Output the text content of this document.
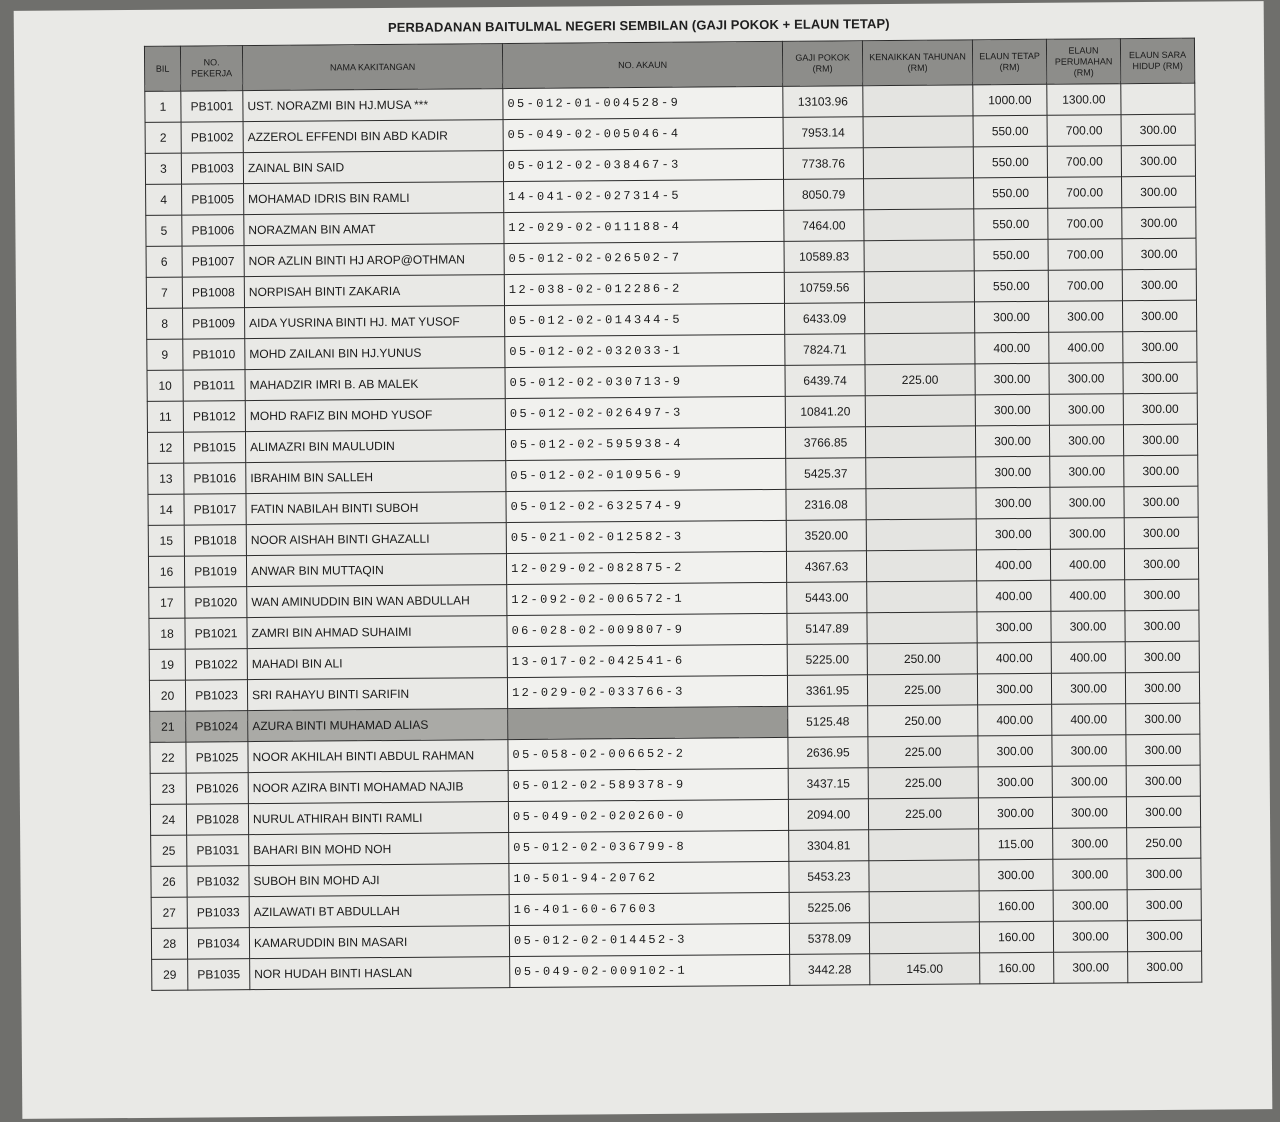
PERBADANAN BAITULMAL NEGERI SEMBILAN (GAJI POKOK + ELAUN TETAP)
BIL	NO. PEKERJA	NAMA KAKITANGAN	NO. AKAUN	GAJI POKOK (RM)	KENAIKKAN TAHUNAN (RM)	ELAUN TETAP (RM)	ELAUN PERUMAHAN (RM)	ELAUN SARA HIDUP (RM)
1	PB1001	UST. NORAZMI BIN HJ.MUSA ***	05-012-01-004528-9	13103.96		1000.00	1300.00	
2	PB1002	AZZEROL EFFENDI BIN ABD KADIR	05-049-02-005046-4	7953.14		550.00	700.00	300.00
3	PB1003	ZAINAL BIN SAID	05-012-02-038467-3	7738.76		550.00	700.00	300.00
4	PB1005	MOHAMAD IDRIS BIN RAMLI	14-041-02-027314-5	8050.79		550.00	700.00	300.00
5	PB1006	NORAZMAN BIN AMAT	12-029-02-011188-4	7464.00		550.00	700.00	300.00
6	PB1007	NOR AZLIN BINTI HJ AROP@OTHMAN	05-012-02-026502-7	10589.83		550.00	700.00	300.00
7	PB1008	NORPISAH BINTI ZAKARIA	12-038-02-012286-2	10759.56		550.00	700.00	300.00
8	PB1009	AIDA YUSRINA BINTI HJ. MAT YUSOF	05-012-02-014344-5	6433.09		300.00	300.00	300.00
9	PB1010	MOHD ZAILANI BIN HJ.YUNUS	05-012-02-032033-1	7824.71		400.00	400.00	300.00
10	PB1011	MAHADZIR IMRI B. AB MALEK	05-012-02-030713-9	6439.74	225.00	300.00	300.00	300.00
11	PB1012	MOHD RAFIZ BIN MOHD YUSOF	05-012-02-026497-3	10841.20		300.00	300.00	300.00
12	PB1015	ALIMAZRI BIN MAULUDIN	05-012-02-595938-4	3766.85		300.00	300.00	300.00
13	PB1016	IBRAHIM BIN SALLEH	05-012-02-010956-9	5425.37		300.00	300.00	300.00
14	PB1017	FATIN NABILAH BINTI SUBOH	05-012-02-632574-9	2316.08		300.00	300.00	300.00
15	PB1018	NOOR AISHAH BINTI GHAZALLI	05-021-02-012582-3	3520.00		300.00	300.00	300.00
16	PB1019	ANWAR BIN MUTTAQIN	12-029-02-082875-2	4367.63		400.00	400.00	300.00
17	PB1020	WAN AMINUDDIN BIN WAN ABDULLAH	12-092-02-006572-1	5443.00		400.00	400.00	300.00
18	PB1021	ZAMRI BIN AHMAD SUHAIMI	06-028-02-009807-9	5147.89		300.00	300.00	300.00
19	PB1022	MAHADI BIN ALI	13-017-02-042541-6	5225.00	250.00	400.00	400.00	300.00
20	PB1023	SRI RAHAYU BINTI SARIFIN	12-029-02-033766-3	3361.95	225.00	300.00	300.00	300.00
21	PB1024	AZURA BINTI MUHAMAD ALIAS		5125.48	250.00	400.00	400.00	300.00
22	PB1025	NOOR AKHILAH BINTI ABDUL RAHMAN	05-058-02-006652-2	2636.95	225.00	300.00	300.00	300.00
23	PB1026	NOOR AZIRA BINTI MOHAMAD NAJIB	05-012-02-589378-9	3437.15	225.00	300.00	300.00	300.00
24	PB1028	NURUL ATHIRAH BINTI RAMLI	05-049-02-020260-0	2094.00	225.00	300.00	300.00	300.00
25	PB1031	BAHARI BIN MOHD NOH	05-012-02-036799-8	3304.81		115.00	300.00	250.00
26	PB1032	SUBOH BIN MOHD AJI	10-501-94-20762	5453.23		300.00	300.00	300.00
27	PB1033	AZILAWATI BT ABDULLAH	16-401-60-67603	5225.06		160.00	300.00	300.00
28	PB1034	KAMARUDDIN BIN MASARI	05-012-02-014452-3	5378.09		160.00	300.00	300.00
29	PB1035	NOR HUDAH BINTI HASLAN	05-049-02-009102-1	3442.28	145.00	160.00	300.00	300.00
